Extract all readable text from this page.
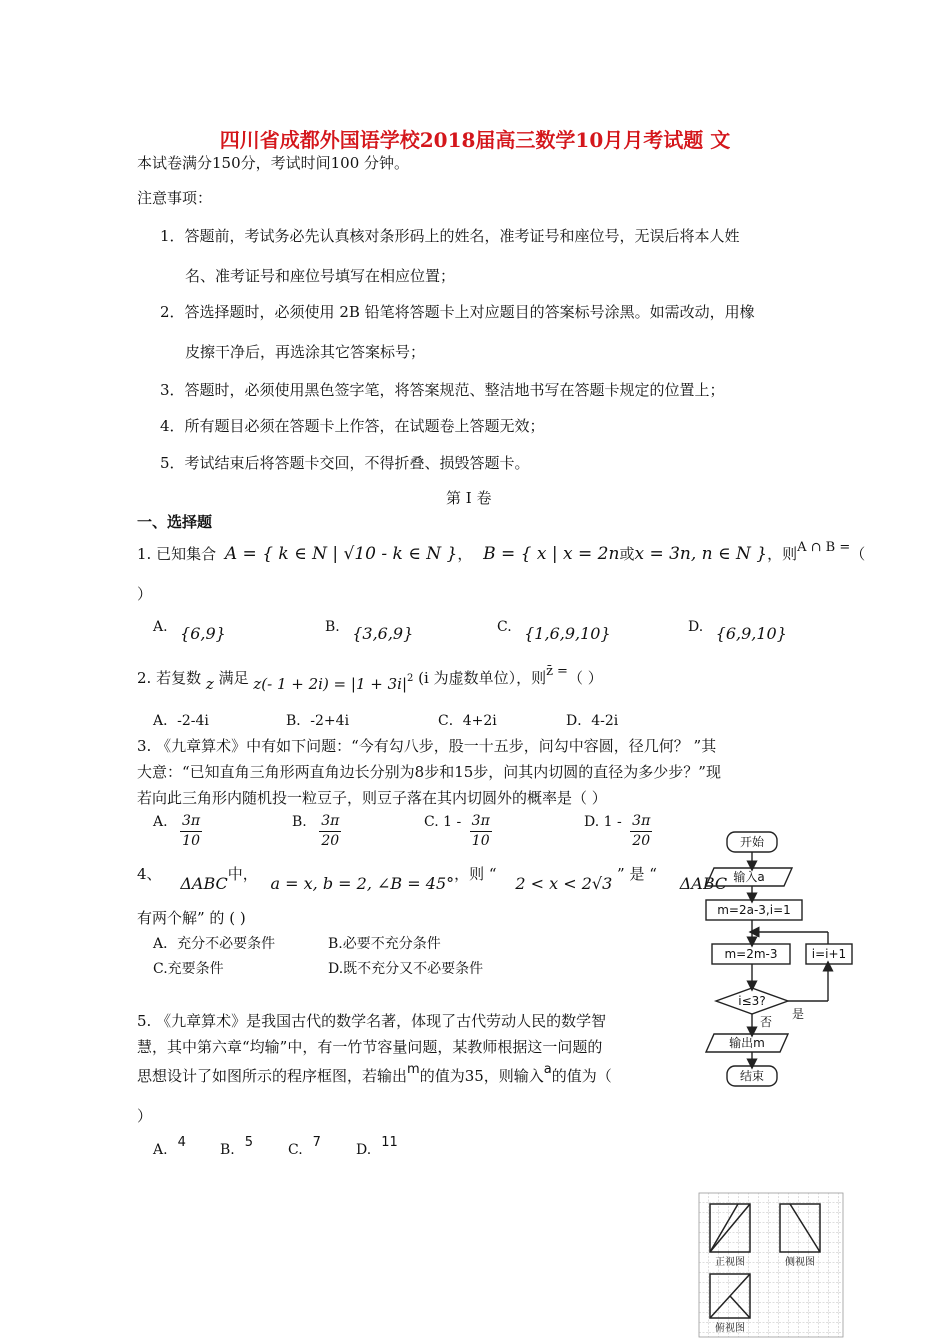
四川省成都外国语学校2018届高三数学10月月考试题 文
本试卷满分150分，考试时间100 分钟。
注意事项：
1．答题前，考试务必先认真核对条形码上的姓名，准考证号和座位号，无误后将本人姓
名、准考证号和座位号填写在相应位置；
2．答选择题时，必须使用 2B 铅笔将答题卡上对应题目的答案标号涂黑。如需改动，用橡
皮擦干净后，再选涂其它答案标号；
3．答题时，必须使用黑色签字笔，将答案规范、整洁地书写在答题卡规定的位置上；
4．所有题目必须在答题卡上作答，在试题卷上答题无效；
5．考试结束后将答题卡交回，不得折叠、损毁答题卡。
第 I 卷
一、选择题
1. 已知集合 A = { k ∈ N | √10 - k ∈ N }， B = { x | x = 2n或x = 3n, n ∈ N }，则A ∩ B =（
）
A. {6,9}	B. {3,6,9}	C. {1,6,9,10}	D. {6,9,10}
2. 若复数 z 满足 z(- 1 + 2i) = |1 + 3i|2 (i 为虚数单位），则z̄ =（ ）
A．-2-4i	B．-2+4i	C．4+2i	D．4-2i
3. 《九章算术》中有如下问题：“今有勾八步，股一十五步，问勾中容圆，径几何？ ”其
大意：“已知直角三角形两直角边长分别为8步和15步，问其内切圆的直径为多少步？”现
若向此三角形内随机投一粒豆子，则豆子落在其内切圆外的概率是（ ）
A. $\frac{3\pi}{10}$	B. $\frac{3\pi}{20}$	C. $1 - \frac{3\pi}{10}$	D. $1 - \frac{3\pi}{20}$
4、 ΔABC中， a = x, b = 2, ∠B = 45°，则 “ 2 < x < 2√3 ” 是 “ ΔABC
有两个解” 的 ( )
A．充分不必要条件	B.必要不充分条件
C.充要条件	D.既不充分又不必要条件
5. 《九章算术》是我国古代的数学名著，体现了古代劳动人民的数学智
慧，其中第六章“均输”中，有一竹节容量问题，某教师根据这一问题的
思想设计了如图所示的程序框图，若输出m的值为35，则输入a的值为（
）
A. 4 B. 5 C. 7	D. 11
开始
输入a
m=2a-3,i=1
m=2m-3	i=i+1
i≤3?
否
是
输出m
结束
正视图	侧视图
俯视图
